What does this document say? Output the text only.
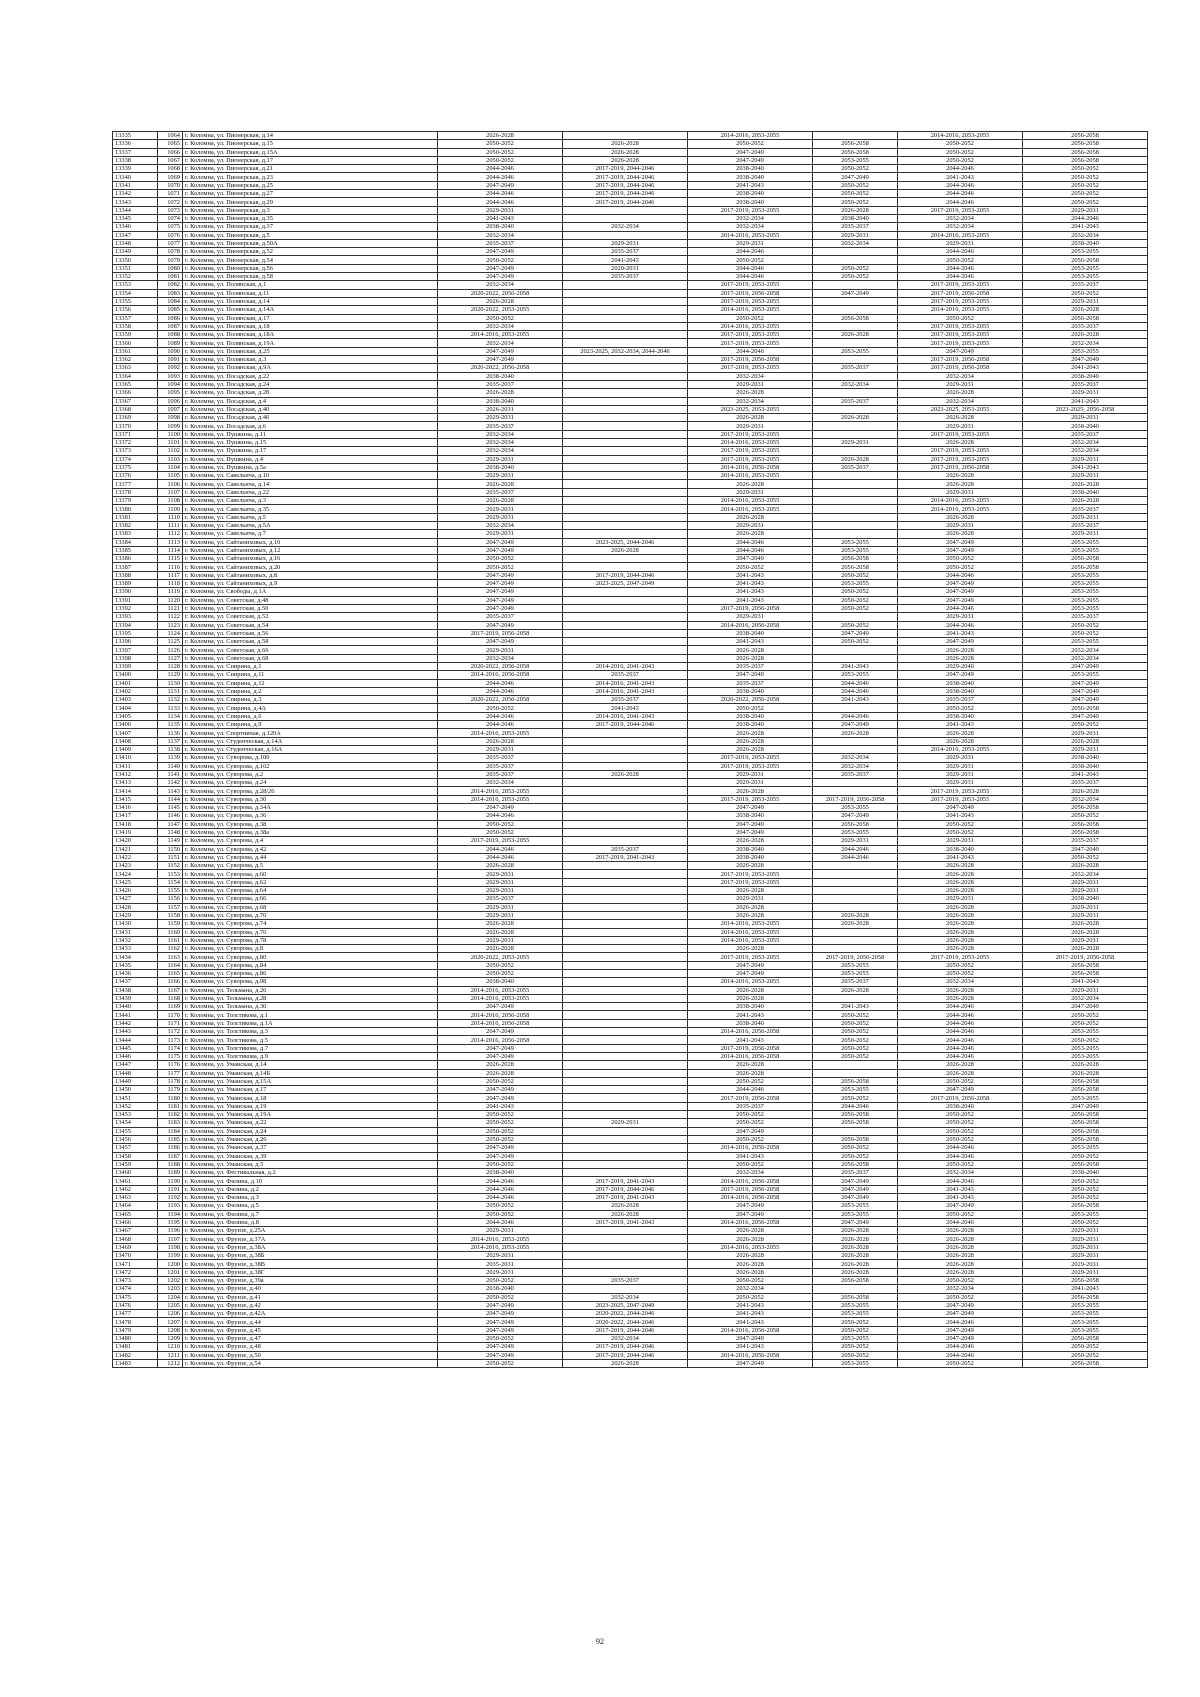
13335	1064	г. Коломна, ул. Пионерская, д.14	2026-2028		2014-2016, 2053-2055		2014-2016, 2053-2055	2056-2058
13336	1065	г. Коломна, ул. Пионерская, д.15	2050-2052	2026-2028	2050-2052	2056-2058	2050-2052	2056-2058
13337	1066	г. Коломна, ул. Пионерская, д.15А	2050-2052	2026-2028	2047-2049	2056-2058	2050-2052	2056-2058
13338	1067	г. Коломна, ул. Пионерская, д.17	2050-2052	2026-2028	2047-2049	2053-2055	2050-2052	2056-2058
13339	1068	г. Коломна, ул. Пионерская, д.21	2044-2046	2017-2019, 2044-2046	2038-2040	2050-2052	2044-2046	2050-2052
13340	1069	г. Коломна, ул. Пионерская, д.23	2044-2046	2017-2019, 2044-2046	2038-2040	2047-2049	2041-2043	2050-2052
13341	1070	г. Коломна, ул. Пионерская, д.25	2047-2049	2017-2019, 2044-2046	2041-2043	2050-2052	2044-2046	2050-2052
13342	1071	г. Коломна, ул. Пионерская, д.27	2044-2046	2017-2019, 2044-2046	2038-2040	2050-2052	2044-2046	2050-2052
13343	1072	г. Коломна, ул. Пионерская, д.29	2044-2046	2017-2019, 2044-2046	2038-2040	2050-2052	2044-2046	2050-2052
13344	1073	г. Коломна, ул. Пионерская, д.3	2029-2031		2017-2019, 2053-2055	2026-2028	2017-2019, 2053-2055	2029-2031
13345	1074	г. Коломна, ул. Пионерская, д.35	2041-2043		2032-2034	2038-2040	2032-2034	2044-2046
13346	1075	г. Коломна, ул. Пионерская, д.37	2038-2040	2032-2034	2032-2034	2035-2037	2032-2034	2041-2043
13347	1076	г. Коломна, ул. Пионерская, д.5	2032-2034		2014-2016, 2053-2055	2029-2031	2014-2016, 2053-2055	2032-2034
13348	1077	г. Коломна, ул. Пионерская, д.50А	2035-2037	2029-2031	2029-2031	2032-2034	2029-2031	2038-2040
13349	1078	г. Коломна, ул. Пионерская, д.52	2047-2049	2035-2037	2044-2046		2044-2046	2053-2055
13350	1079	г. Коломна, ул. Пионерская, д.54	2050-2052	2041-2043	2050-2052		2050-2052	2056-2058
13351	1080	г. Коломна, ул. Пионерская, д.56	2047-2049	2020-2031	2044-2046	2050-2052	2044-2046	2053-2055
13352	1081	г. Коломна, ул. Пионерская, д.58	2047-2049	2035-2037	2044-2046	2050-2052	2044-2046	2053-2055
13353	1082	г. Коломна, ул. Полянская, д.1	2032-2034		2017-2019, 2053-2055		2017-2019, 2053-2055	2035-2037
13354	1083	г. Коломна, ул. Полянская, д.11	2020-2022, 2056-2058		2017-2019, 2056-2058	2047-2049	2017-2019, 2056-2058	2050-2052
13355	1084	г. Коломна, ул. Полянская, д.14	2026-2028		2017-2019, 2053-2055		2017-2019, 2053-2055	2029-2031
13356	1085	г. Коломна, ул. Полянская, д.14А	2020-2022, 2053-2055		2014-2016, 2053-2055		2014-2016, 2053-2055	2026-2028
13357	1086	г. Коломна, ул. Полянская, д.17	2050-2052		2050-2052	2056-2058	2050-2052	2056-2058
13358	1087	г. Коломна, ул. Полянская, д.18	2032-2034		2014-2016, 2053-2055		2017-2019, 2053-2055	2035-2037
13359	1088	г. Коломна, ул. Полянская, д.18А	2014-2016, 2053-2055		2017-2019, 2053-2055	2026-2028	2017-2019, 2053-2055	2026-2028
13360	1089	г. Коломна, ул. Полянская, д.19А	2032-2034		2017-2019, 2053-2055		2017-2019, 2053-2055	2032-2034
13361	1090	г. Коломна, ул. Полянская, д.25	2047-2049	2023-2025, 2032-2034, 2044-2046	2044-2046	2053-2055	2047-2049	2053-2055
13362	1091	г. Коломна, ул. Полянская, д.3	2047-2049		2017-2019, 2056-2058		2017-2019, 2056-2058	2047-2049
13363	1092	г. Коломна, ул. Полянская, д.9А	2020-2022, 2056-2058		2017-2019, 2053-2055	2035-2037	2017-2019, 2056-2058	2041-2043
13364	1093	г. Коломна, ул. Посадская, д.22	2038-2040		2032-2034		2032-2034	2038-2040
13365	1094	г. Коломна, ул. Посадская, д.24	2035-2037		2029-2031	2032-2034	2029-2031	2035-2037
13366	1095	г. Коломна, ул. Посадская, д.28	2026-2028		2026-2028		2026-2028	2029-2031
13367	1096	г. Коломна, ул. Посадская, д.4	2038-2040		2032-2034	2035-2037	2032-2034	2041-2043
13368	1097	г. Коломна, ул. Посадская, д.40	2026-2031		2023-2025, 2053-2055		2023-2025, 2053-2055	2023-2025, 2056-2058
13369	1098	г. Коломна, ул. Посадская, д.46	2029-2031		2026-2028	2026-2028	2026-2028	2029-2031
13370	1099	г. Коломна, ул. Посадская, д.6	2035-2037		2029-2031		2029-2031	2038-2040
13371	1100	г. Коломна, ул. Пушкина, д.11	2032-2034		2017-2019, 2053-2055		2017-2019, 2053-2055	2035-2037
13372	1101	г. Коломна, ул. Пушкина, д.15	2032-2034		2014-2016, 2053-2055	2029-2031	2026-2028	2032-2034
13373	1102	г. Коломна, ул. Пушкина, д.17	2032-2034		2017-2019, 2053-2055		2017-2019, 2053-2055	2032-2034
13374	1103	г. Коломна, ул. Пушкина, д.4	2029-2031		2017-2019, 2053-2055	2026-2028	2017-2019, 2053-2055	2029-2031
13375	1104	г. Коломна, ул. Пушкина, д.5а	2038-2040		2014-2016, 2056-2058	2035-2037	2017-2019, 2056-2058	2041-2043
13376	1105	г. Коломна, ул. Савельича, д.10	2029-2031		2014-2016, 2053-2055		2026-2028	2029-2031
13377	1106	г. Коломна, ул. Савельича, д.14	2026-2028		2026-2028		2026-2028	2026-2028
13378	1107	г. Коломна, ул. Савельича, д.22	2035-2037		2029-2031		2029-2031	2038-2040
13379	1108	г. Коломна, ул. Савельича, д.3	2026-2028		2014-2016, 2053-2055		2014-2016, 2053-2055	2026-2028
13380	1109	г. Коломна, ул. Савельича, д.35	2029-2031		2014-2016, 2053-2055		2014-2016, 2053-2055	2035-2037
13381	1110	г. Коломна, ул. Савельича, д.5	2029-2031		2026-2028		2026-2028	2029-2031
13382	1111	г. Коломна, ул. Савельича, д.5А	2032-2034		2029-2031		2029-2031	2035-2037
13383	1112	г. Коломна, ул. Савельича, д.7	2029-2031		2026-2028		2026-2028	2029-2031
13384	1113	г. Коломна, ул. Сайтаниховых, д.10	2047-2049	2023-2025, 2044-2046	2044-2046	2053-2055	2047-2049	2053-2055
13385	1114	г. Коломна, ул. Сайтаниховых, д.12	2047-2049	2026-2028	2044-2046	2053-2055	2047-2049	2053-2055
13386	1115	г. Коломна, ул. Сайтаниховых, д.16	2050-2052		2047-2049	2056-2058	2050-2052	2056-2058
13387	1116	г. Коломна, ул. Сайтаниховых, д.20	2050-2052		2050-2052	2056-2058	2050-2052	2056-2058
13388	1117	г. Коломна, ул. Сайтаниховых, д.8	2047-2049	2017-2019, 2044-2046	2041-2043	2050-2052	2044-2046	2053-2055
13389	1118	г. Коломна, ул. Сайтаниховых, д.9	2047-2049	2023-2025, 2047-2049	2041-2043	2053-2055	2047-2049	2053-2055
13390	1119	г. Коломна, ул. Свободы, д.1А	2047-2049		2041-2043	2050-2052	2047-2049	2053-2055
13391	1120	г. Коломна, ул. Советская, д.48	2047-2049		2041-2043	2050-2052	2047-2049	2053-2055
13392	1121	г. Коломна, ул. Советская, д.50	2047-2049		2017-2019, 2056-2058	2050-2052	2044-2046	2053-2055
13393	1122	г. Коломна, ул. Советская, д.52	2035-2037		2029-2031		2029-2031	2035-2037
13394	1123	г. Коломна, ул. Советская, д.54	2047-2049		2014-2016, 2056-2058	2050-2052	2044-2046	2050-2052
13395	1124	г. Коломна, ул. Советская, д.56	2017-2019, 2056-2058		2038-2040	2047-2049	2041-2043	2050-2052
13396	1125	г. Коломна, ул. Советская, д.58	2047-2049		2041-2043	2050-2052	2047-2049	2053-2055
13397	1126	г. Коломна, ул. Советская, д.66	2029-2031		2026-2028		2026-2028	2032-2034
13398	1127	г. Коломна, ул. Советская, д.68	2032-2034		2026-2028		2026-2028	2032-2034
13399	1128	г. Коломна, ул. Спирина, д.1	2020-2022, 2056-2058	2014-2016, 2041-2043	2035-2037	2041-2043	2029-2040	2047-2049
13400	1129	г. Коломна, ул. Спирина, д.11	2014-2016, 2056-2058	2035-2037	2047-2049	2053-2055	2047-2049	2053-2055
13401	1130	г. Коломна, ул. Спирина, д.12	2044-2046	2014-2016, 2041-2043	2035-2037	2044-2046	2038-2040	2047-2049
13402	1131	г. Коломна, ул. Спирина, д.2	2044-2046	2014-2016, 2041-2043	2038-2040	2044-2046	2038-2040	2047-2049
13403	1132	г. Коломна, ул. Спирина, д.3	2020-2022, 2056-2058	2035-2037	2020-2022, 2056-2058	2041-2043	2035-2037	2047-2049
13404	1133	г. Коломна, ул. Спирина, д.4А	2050-2052	2041-2043	2050-2052		2050-2052	2056-2058
13405	1134	г. Коломна, ул. Спирина, д.6	2044-2046	2014-2016, 2041-2043	2038-2040	2044-2046	2038-2040	2047-2049
13406	1135	г. Коломна, ул. Спирина, д.9	2044-2046	2017-2019, 2044-2046	2038-2040	2047-2049	2041-2043	2050-2052
13407	1136	г. Коломна, ул. Спортивная, д.120А	2014-2016, 2053-2055		2026-2028	2026-2028	2026-2028	2029-2031
13408	1137	г. Коломна, ул. Студенческая, д.14А	2026-2028		2026-2028		2026-2028	2026-2028
13409	1138	г. Коломна, ул. Студенческая, д.16А	2029-2031		2026-2028		2014-2016, 2053-2055	2029-2031
13410	1139	г. Коломна, ул. Суворова, д.100	2035-2037		2017-2019, 2053-2055	2032-2034	2029-2031	2038-2040
13411	1140	г. Коломна, ул. Суворова, д.102	2035-2037		2017-2019, 2053-2055	2032-2034	2029-2031	2038-2040
13412	1141	г. Коломна, ул. Суворова, д.2	2035-2037	2026-2028	2029-2031	2035-2037	2029-2031	2041-2043
13413	1142	г. Коломна, ул. Суворова, д.24	2032-2034		2029-2031		2029-2031	2035-2037
13414	1143	г. Коломна, ул. Суворова, д.28/26	2014-2016, 2053-2055		2026-2028		2017-2019, 2053-2055	2026-2028
13415	1144	г. Коломна, ул. Суворова, д.30	2014-2016, 2053-2055		2017-2019, 2053-2055	2017-2019, 2056-2058	2017-2019, 2053-2055	2032-2034
13416	1145	г. Коломна, ул. Суворова, д.34А	2047-2049		2047-2049	2053-2055	2047-2049	2056-2058
13417	1146	г. Коломна, ул. Суворова, д.36	2044-2046		2038-2040	2047-2049	2041-2043	2050-2052
13418	1147	г. Коломна, ул. Суворова, д.38	2050-2052		2047-2049	2056-2058	2050-2052	2056-2058
13419	1148	г. Коломна, ул. Суворова, д.38а	2050-2052		2047-2049	2053-2055	2050-2052	2056-2058
13420	1149	г. Коломна, ул. Суворова, д.4	2017-2019, 2053-2055		2026-2028	2029-2031	2029-2031	2035-2037
13421	1150	г. Коломна, ул. Суворова, д.42	2044-2046	2035-2037	2038-2040	2044-2046	2038-2040	2047-2049
13422	1151	г. Коломна, ул. Суворова, д.44	2044-2046	2017-2019, 2041-2043	2038-2040	2044-2046	2041-2043	2050-2052
13423	1152	г. Коломна, ул. Суворова, д.5	2026-2028		2026-2028		2026-2028	2026-2028
13424	1153	г. Коломна, ул. Суворова, д.60	2029-2031		2017-2019, 2053-2055		2026-2028	2032-2034
13425	1154	г. Коломна, ул. Суворова, д.62	2029-2031		2017-2019, 2053-2055		2026-2028	2029-2031
13426	1155	г. Коломна, ул. Суворова, д.64	2029-2031		2026-2028		2026-2028	2029-2031
13427	1156	г. Коломна, ул. Суворова, д.66	2035-2037		2029-2031		2029-2031	2038-2040
13428	1157	г. Коломна, ул. Суворова, д.68	2029-2031		2026-2028		2026-2028	2029-2031
13429	1158	г. Коломна, ул. Суворова, д.70	2029-2031		2026-2028	2026-2028	2026-2028	2029-2031
13430	1159	г. Коломна, ул. Суворова, д.74	2026-2028		2014-2016, 2053-2055	2026-2028	2026-2028	2026-2028
13431	1160	г. Коломна, ул. Суворова, д.76	2026-2028		2014-2016, 2053-2055		2026-2028	2026-2028
13432	1161	г. Коломна, ул. Суворова, д.78	2029-2031		2014-2016, 2053-2055		2026-2028	2029-2031
13433	1162	г. Коломна, ул. Суворова, д.8	2026-2028		2026-2028		2026-2028	2026-2028
13434	1163	г. Коломна, ул. Суворова, д.80	2020-2022, 2053-2055		2017-2019, 2053-2055	2017-2019, 2056-2058	2017-2019, 2053-2055	2017-2019, 2056-2058
13435	1164	г. Коломна, ул. Суворова, д.84	2050-2052		2047-2049	2053-2055	2050-2052	2056-2058
13436	1165	г. Коломна, ул. Суворова, д.86	2050-2052		2047-2049	2053-2055	2050-2052	2056-2058
13437	1166	г. Коломна, ул. Суворова, д.98	2038-2040		2014-2016, 2053-2055	2035-2037	2032-2034	2041-2043
13438	1167	г. Коломна, ул. Тельмана, д.26	2014-2016, 2053-2055		2026-2028	2026-2028	2026-2028	2029-2031
13439	1168	г. Коломна, ул. Тельмана, д.28	2014-2016, 2053-2055		2026-2028		2026-2028	2032-2034
13440	1169	г. Коломна, ул. Тельмана, д.30	2047-2049		2038-2040	2041-2043	2044-2046	2047-2049
13441	1170	г. Коломна, ул. Толстикова, д.1	2014-2016, 2056-2058		2041-2043	2050-2052	2044-2046	2050-2052
13442	1171	г. Коломна, ул. Толстикова, д.1А	2014-2016, 2056-2058		2038-2040	2050-2052	2044-2046	2050-2052
13443	1172	г. Коломна, ул. Толстикова, д.3	2047-2049		2014-2016, 2056-2058	2050-2052	2044-2046	2053-2055
13444	1173	г. Коломна, ул. Толстикова, д.5	2014-2016, 2056-2058		2041-2043	2050-2052	2044-2046	2050-2052
13445	1174	г. Коломна, ул. Толстикова, д.7	2047-2049		2017-2019, 2056-2058	2050-2052	2044-2046	2053-2055
13446	1175	г. Коломна, ул. Толстикова, д.9	2047-2049		2014-2016, 2056-2058	2050-2052	2044-2046	2053-2055
13447	1176	г. Коломна, ул. Уманская, д.14	2026-2028		2026-2028		2026-2028	2026-2028
13448	1177	г. Коломна, ул. Уманская, д.14Б	2026-2028		2026-2028		2026-2028	2026-2028
13449	1178	г. Коломна, ул. Уманская, д.15А	2050-2052		2050-2052	2056-2058	2050-2052	2056-2058
13450	1179	г. Коломна, ул. Уманская, д.17	2047-2049		2044-2046	2053-2055	2047-2049	2056-2058
13451	1180	г. Коломна, ул. Уманская, д.18	2047-2049		2017-2019, 2056-2058	2050-2052	2017-2019, 2056-2058	2053-2055
13452	1181	г. Коломна, ул. Уманская, д.19	2041-2043		2035-2037	2044-2046	2038-2040	2047-2049
13453	1182	г. Коломна, ул. Уманская, д.19А	2050-2052		2050-2052	2056-2058	2050-2052	2056-2058
13454	1183	г. Коломна, ул. Уманская, д.22	2050-2052	2029-2031	2050-2052	2056-2058	2050-2052	2056-2058
13455	1184	г. Коломна, ул. Уманская, д.24	2050-2052		2047-2049		2050-2052	2056-2058
13456	1185	г. Коломна, ул. Уманская, д.26	2050-2052		2050-2052	2056-2058	2050-2052	2056-2058
13457	1186	г. Коломна, ул. Уманская, д.37	2047-2049		2014-2016, 2056-2058	2050-2052	2044-2046	2053-2055
13458	1187	г. Коломна, ул. Уманская, д.39	2047-2049		2041-2043	2050-2052	2044-2046	2050-2052
13459	1188	г. Коломна, ул. Уманская, д.5	2050-2052		2050-2052	2056-2058	2050-2052	2056-2058
13460	1189	г. Коломна, ул. Фестивальная, д.2	2038-2040		2032-2034	2035-2037	2032-2034	2038-2040
13461	1190	г. Коломна, ул. Филина, д.10	2044-2046	2017-2019, 2041-2043	2014-2016, 2056-2058	2047-2049	2044-2046	2050-2052
13462	1191	г. Коломна, ул. Филина, д.2	2044-2046	2017-2019, 2044-2046	2017-2019, 2056-2058	2047-2049	2041-2043	2050-2052
13463	1192	г. Коломна, ул. Филина, д.3	2044-2046	2017-2019, 2041-2043	2014-2016, 2056-2058	2047-2049	2041-2043	2050-2052
13464	1193	г. Коломна, ул. Филина, д.5	2050-2052	2026-2028	2047-2049	2053-2055	2047-2049	2056-2058
13465	1194	г. Коломна, ул. Филина, д.7	2050-2052	2026-2028	2047-2049	2053-2055	2050-2052	2053-2055
13466	1195	г. Коломна, ул. Филина, д.8	2044-2046	2017-2019, 2041-2043	2014-2016, 2056-2058	2047-2049	2044-2046	2050-2052
13467	1196	г. Коломна, ул. Фрунзе, д.25А	2029-2031		2026-2028	2026-2028	2026-2028	2029-2031
13468	1197	г. Коломна, ул. Фрунзе, д.37А	2014-2016, 2053-2055		2026-2028	2026-2028	2026-2028	2029-2031
13469	1198	г. Коломна, ул. Фрунзе, д.38А	2014-2016, 2053-2055		2014-2016, 2053-2055	2026-2028	2026-2028	2029-2031
13470	1199	г. Коломна, ул. Фрунзе, д.38Б	2029-2031		2026-2028	2026-2028	2026-2028	2029-2031
13471	1200	г. Коломна, ул. Фрунзе, д.38В	2035-2031		2026-2028	2026-2028	2026-2028	2029-2031
13472	1201	г. Коломна, ул. Фрунзе, д.38Г	2029-2031		2026-2028	2026-2028	2026-2028	2029-2031
13473	1202	г. Коломна, ул. Фрунзе, д.39а	2050-2052	2035-2037	2050-2052	2056-2058	2050-2052	2056-2058
13474	1203	г. Коломна, ул. Фрунзе, д.40	2038-2040		2032-2034		2032-2034	2041-2043
13475	1204	г. Коломна, ул. Фрунзе, д.41	2050-2052	2032-2034	2050-2052	2056-2058	2050-2052	2056-2058
13476	1205	г. Коломна, ул. Фрунзе, д.42	2047-2049	2023-2025, 2047-2049	2041-2043	2053-2055	2047-2049	2053-2055
13477	1206	г. Коломна, ул. Фрунзе, д.42А	2047-2049	2020-2022, 2044-2046	2041-2043	2053-2055	2047-2049	2053-2055
13478	1207	г. Коломна, ул. Фрунзе, д.44	2047-2049	2020-2022, 2044-2046	2041-2043	2050-2052	2044-2046	2053-2055
13479	1208	г. Коломна, ул. Фрунзе, д.45	2047-2049	2017-2019, 2044-2046	2014-2016, 2056-2058	2050-2052	2047-2049	2053-2055
13480	1209	г. Коломна, ул. Фрунзе, д.47	2050-2052	2032-2034	2047-2049	2053-2055	2047-2049	2056-2058
13481	1210	г. Коломна, ул. Фрунзе, д.48	2047-2049	2017-2019, 2044-2046	2041-2043	2050-2052	2044-2046	2050-2052
13482	1211	г. Коломна, ул. Фрунзе, д.50	2047-2049	2017-2019, 2044-2046	2014-2016, 2056-2058	2050-2052	2044-2046	2050-2052
13483	1212	г. Коломна, ул. Фрунзе, д.54	2050-2052	2026-2028	2047-2049	2053-2055	2050-2052	2056-2058
92
